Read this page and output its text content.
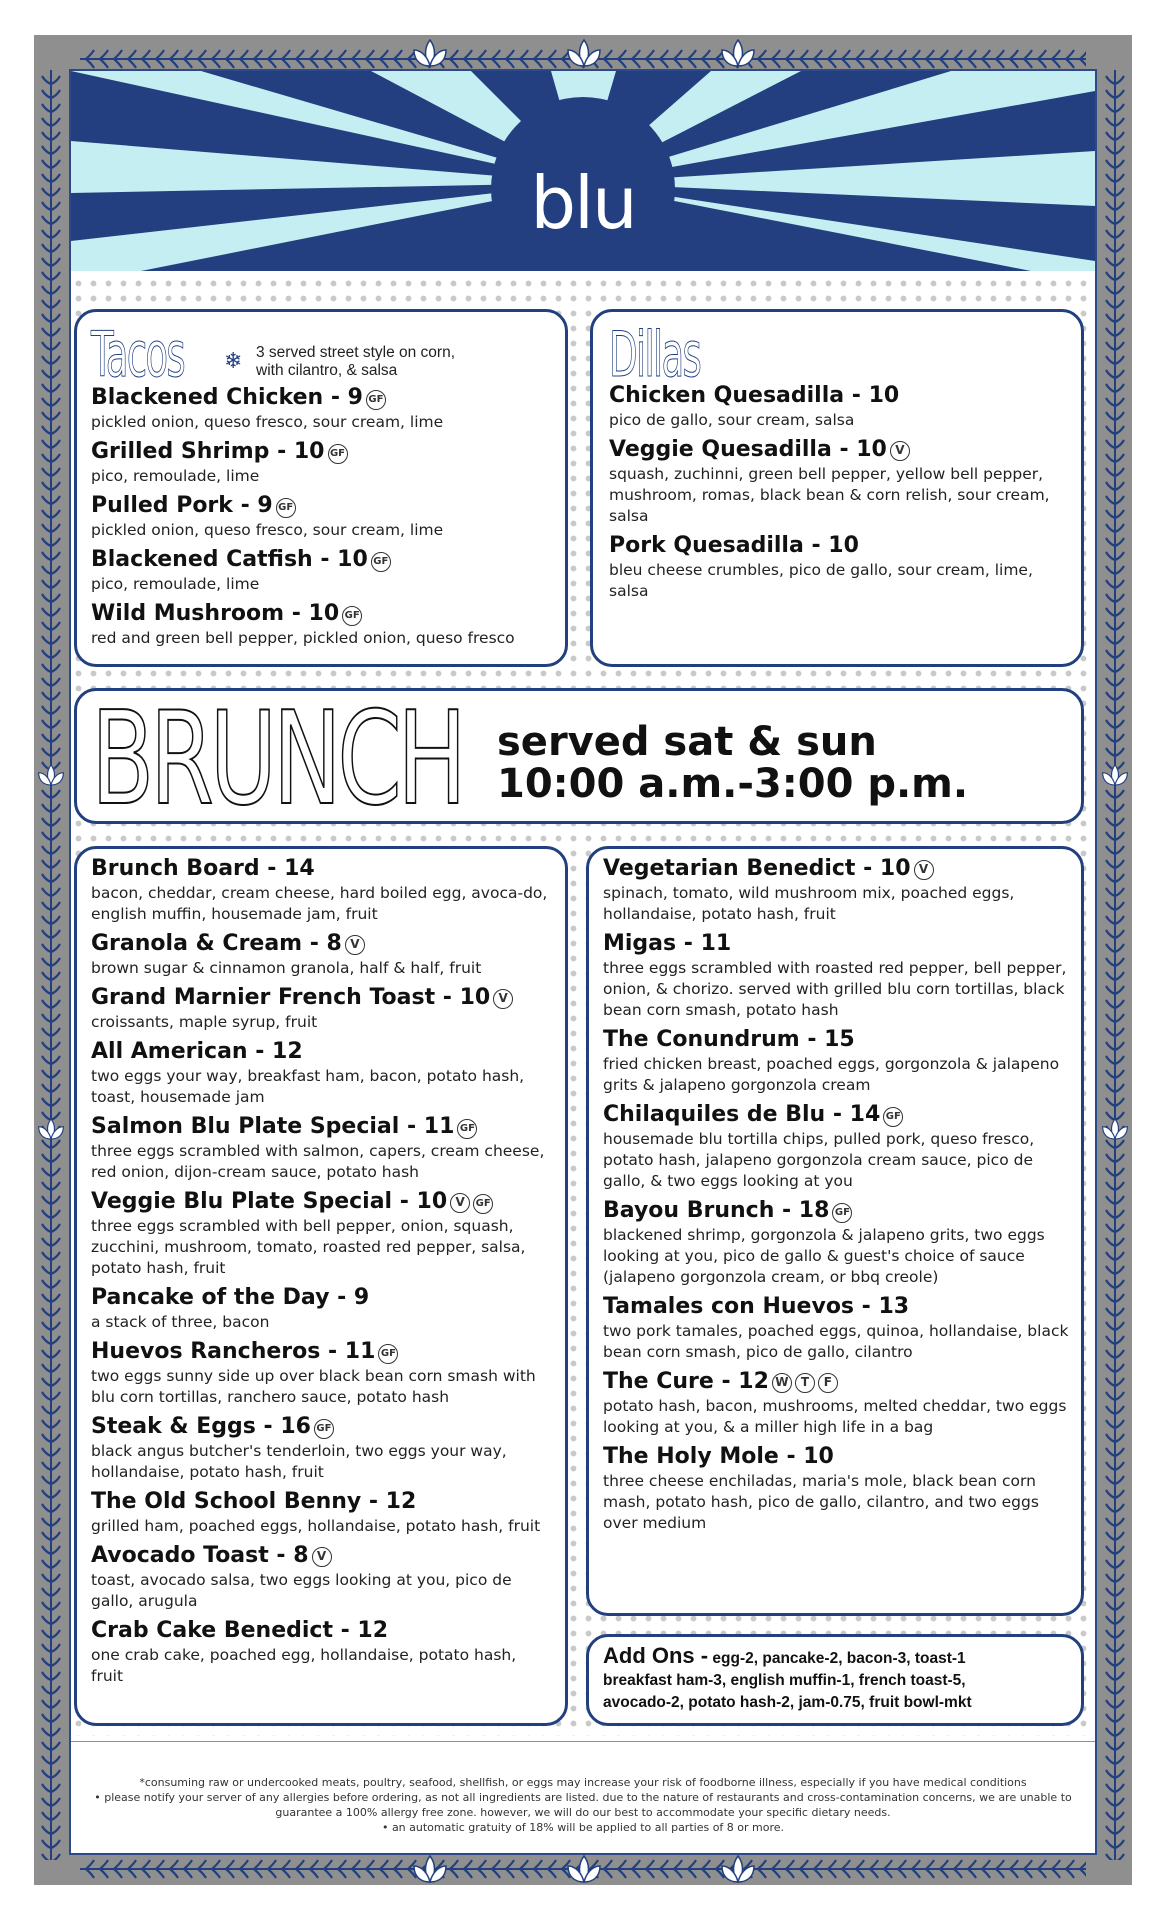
blu
Tacos ❄ 3 served street style on corn,
with cilantro, & salsa
Blackened Chicken - 9 GF
pickled onion, queso fresco, sour cream, lime
Grilled Shrimp - 10 GF
pico, remoulade, lime
Pulled Pork - 9 GF
pickled onion, queso fresco, sour cream, lime
Blackened Catfish - 10 GF
pico, remoulade, lime
Wild Mushroom - 10 GF
red and green bell pepper, pickled onion, queso fresco
Dillas
Chicken Quesadilla - 10
pico de gallo, sour cream, salsa
Veggie Quesadilla - 10 V
squash, zuchinni, green bell pepper, yellow bell pepper, mushroom, romas, black bean & corn relish, sour cream, salsa
Pork Quesadilla - 10
bleu cheese crumbles, pico de gallo, sour cream, lime, salsa
BRUNCH served sat & sun
10:00 a.m.-3:00 p.m.
Brunch Board - 14
bacon, cheddar, cream cheese, hard boiled egg, avoca-do, english muffin, housemade jam, fruit
Granola & Cream - 8 V
brown sugar & cinnamon granola, half & half, fruit
Grand Marnier French Toast - 10 V
croissants, maple syrup, fruit
All American - 12
two eggs your way, breakfast ham, bacon, potato hash, toast, housemade jam
Salmon Blu Plate Special - 11 GF
three eggs scrambled with salmon, capers, cream cheese, red onion, dijon-cream sauce, potato hash
Veggie Blu Plate Special - 10 V GF
three eggs scrambled with bell pepper, onion, squash, zucchini, mushroom, tomato, roasted red pepper, salsa, potato hash, fruit
Pancake of the Day - 9
a stack of three, bacon
Huevos Rancheros - 11 GF
two eggs sunny side up over black bean corn smash with blu corn tortillas, ranchero sauce, potato hash
Steak & Eggs - 16 GF
black angus butcher's tenderloin, two eggs your way, hollandaise, potato hash, fruit
The Old School Benny - 12
grilled ham, poached eggs, hollandaise, potato hash, fruit
Avocado Toast - 8 V
toast, avocado salsa, two eggs looking at you, pico de gallo, arugula
Crab Cake Benedict - 12
one crab cake, poached egg, hollandaise, potato hash, fruit
Vegetarian Benedict - 10 V
spinach, tomato, wild mushroom mix, poached eggs, hollandaise, potato hash, fruit
Migas - 11
three eggs scrambled with roasted red pepper, bell pepper, onion, & chorizo. served with grilled blu corn tortillas, black bean corn smash, potato hash
The Conundrum - 15
fried chicken breast, poached eggs, gorgonzola & jalapeno grits & jalapeno gorgonzola cream
Chilaquiles de Blu - 14 GF
housemade blu tortilla chips, pulled pork, queso fresco, potato hash, jalapeno gorgonzola cream sauce, pico de gallo, & two eggs looking at you
Bayou Brunch - 18 GF
blackened shrimp, gorgonzola & jalapeno grits, two eggs looking at you, pico de gallo & guest's choice of sauce (jalapeno gorgonzola cream, or bbq creole)
Tamales con Huevos - 13
two pork tamales, poached eggs, quinoa, hollandaise, black bean corn smash, pico de gallo, cilantro
The Cure - 12 W T F
potato hash, bacon, mushrooms, melted cheddar, two eggs looking at you, & a miller high life in a bag
The Holy Mole - 10
three cheese enchiladas, maria's mole, black bean corn mash, potato hash, pico de gallo, cilantro, and two eggs over medium
Add Ons - egg-2, pancake-2, bacon-3, toast-1
breakfast ham-3, english muffin-1, french toast-5,
avocado-2, potato hash-2, jam-0.75, fruit bowl-mkt
*consuming raw or undercooked meats, poultry, seafood, shellfish, or eggs may increase your risk of foodborne illness, especially if you have medical conditions
• please notify your server of any allergies before ordering, as not all ingredients are listed. due to the nature of restaurants and cross-contamination concerns, we are unable to
guarantee a 100% allergy free zone. however, we will do our best to accommodate your specific dietary needs.
• an automatic gratuity of 18% will be applied to all parties of 8 or more.
